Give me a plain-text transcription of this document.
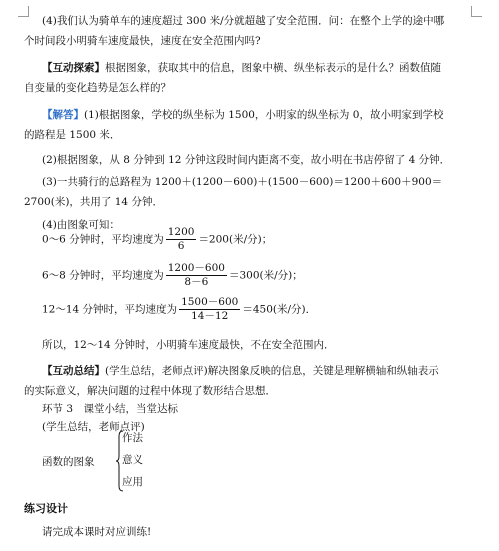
(4)我们认为骑单车的速度超过 300 米/分就超越了安全范围．问：在整个上学的途中哪
个时间段小明骑车速度最快，速度在安全范围内吗?
【互动探索】根据图象，获取其中的信息，图象中横、纵坐标表示的是什么？函数值随
自变量的变化趋势是怎么样的？
【解答】(1)根据图象，学校的纵坐标为 1500，小明家的纵坐标为 0，故小明家到学校
的路程是 1500 米．
(2)根据图象，从 8 分钟到 12 分钟这段时间内距离不变，故小明在书店停留了 4 分钟．
(3)一共骑行的总路程为 1200＋(1200－600)＋(1500－600)＝1200＋600＋900＝
2700(米)，共用了 14 分钟．
(4)由图象可知：
0～6 分钟时，平均速度为 $\frac{1200}{6} =200$(米/分)；
6～8 分钟时，平均速度为 $\frac{1200-600}{8-6} =300$(米/分)；
12～14 分钟时，平均速度为 $\frac{1500-600}{14-12} =450$(米/分)．
所以，12～14 分钟时，小明骑车速度最快，不在安全范围内．
【互动总结】(学生总结，老师点评)解决图象反映的信息，关键是理解横轴和纵轴表示
的实际意义，解决问题的过程中体现了数形结合思想．
环节 3　课堂小结，当堂达标
(学生总结，老师点评)
函数的图象
作法
意义
应用
练习设计
请完成本课时对应训练!
